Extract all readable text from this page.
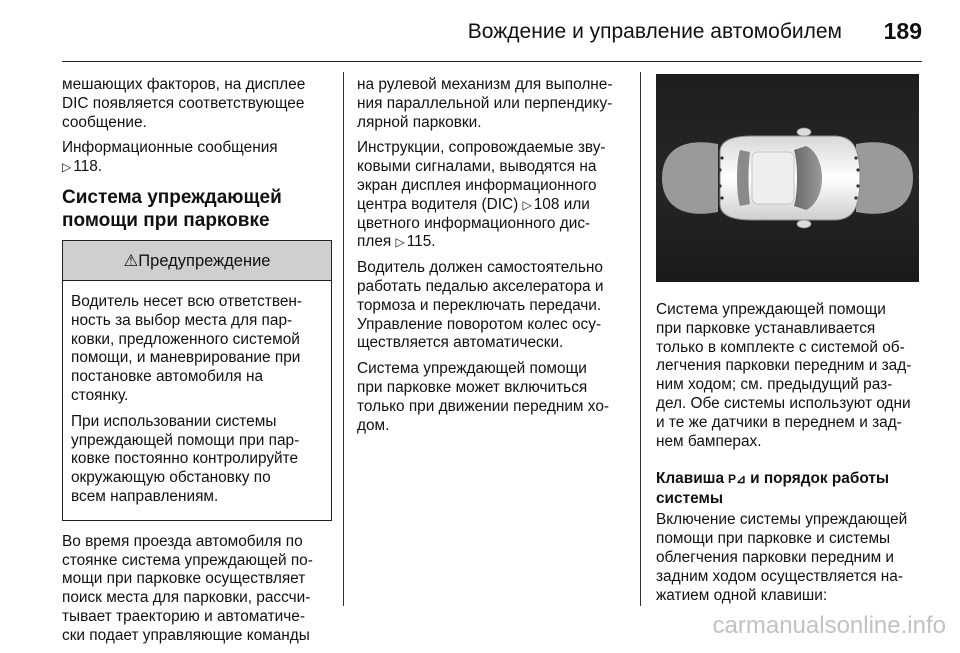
Вождение и управление автомобилем 189

мешающих факторов, на дисплее
DIC появляется соответствующее
сообщение.

Информационные сообщения
▷ 118.

Система упреждающей
помощи при парковке
⚠Предупреждение

Водитель несет всю ответствен-
ность за выбор места для пар-
ковки, предложенного системой
помощи, и маневрирование при
постановке автомобиля на
стоянку.

При использовании системы
упреждающей помощи при пар-
ковке постоянно контролируйте
окружающую обстановку по
всем направлениям.

Во время проезда автомобиля по
стоянке система упреждающей по-
мощи при парковке осуществляет
поиск места для парковки, рассчи-
тывает траекторию и автоматиче-
ски подает управляющие команды

на рулевой механизм для выполне-
ния параллельной или перпендику-
лярной парковки.

Инструкции, сопровождаемые зву-
ковыми сигналами, выводятся на
экран дисплея информационного
центра водителя (DIC) ▷ 108 или
цветного информационного дис-
плея ▷ 115.

Водитель должен самостоятельно
работать педалью акселератора и
тормоза и переключать передачи.
Управление поворотом колес осу-
ществляется автоматически.

Система упреждающей помощи
при парковке может включиться
только при движении передним хо-
дом.

Система упреждающей помощи
при парковке устанавливается
только в комплекте с системой об-
легчения парковки передним и зад-
ним ходом; см. предыдущий раз-
дел. Обе системы используют одни
и те же датчики в переднем и зад-
нем бамперах.

Клавиша P⊿ и порядок работы
системы

Включение системы упреждающей
помощи при парковке и системы
облегчения парковки передним и
задним ходом осуществляется на-
жатием одной клавиши:

carmanualsonline.info
